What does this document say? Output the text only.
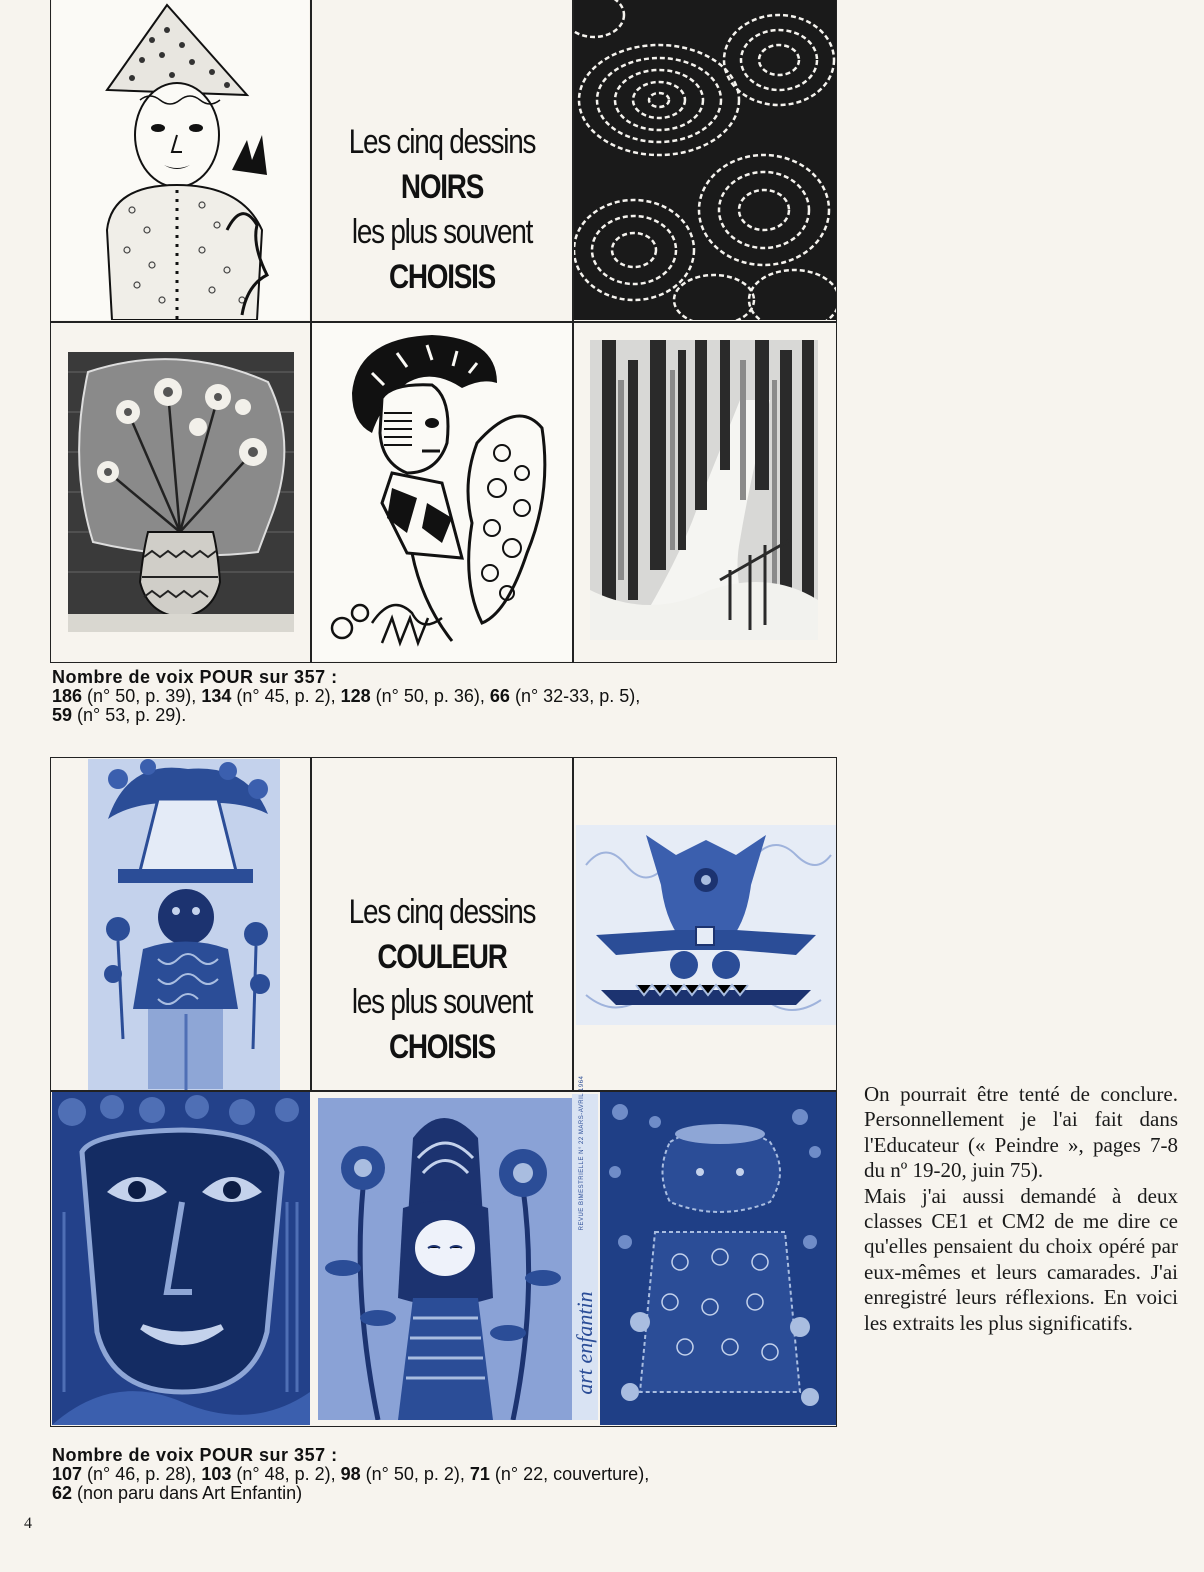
Les cinq dessins
NOIRS
les plus souvent
CHOISIS
Nombre de voix POUR sur 357 :
186 (n° 50, p. 39), 134 (n° 45, p. 2), 128 (n° 50, p. 36), 66 (n° 32-33, p. 5),
59 (n° 53, p. 29).
Les cinq dessins
COULEUR
les plus souvent
CHOISIS
art enfantin
REVUE BIMESTRIELLE N° 22 MARS-AVRIL 1964
Nombre de voix POUR sur 357 :
107 (n° 46, p. 28), 103 (n° 48, p. 2), 98 (n° 50, p. 2), 71 (n° 22, couverture),
62 (non paru dans Art Enfantin)
On pourrait être tenté de conclure. Personnellement je l'ai fait dans l'Educateur (« Peindre », pages 7-8 du nº 19-20, juin 75).
Mais j'ai aussi demandé à deux classes CE1 et CM2 de me dire ce qu'elles pensaient du choix opéré par eux-mêmes et leurs camarades. J'ai enregistré leurs réflexions. En voici les extraits les plus significatifs.
4
